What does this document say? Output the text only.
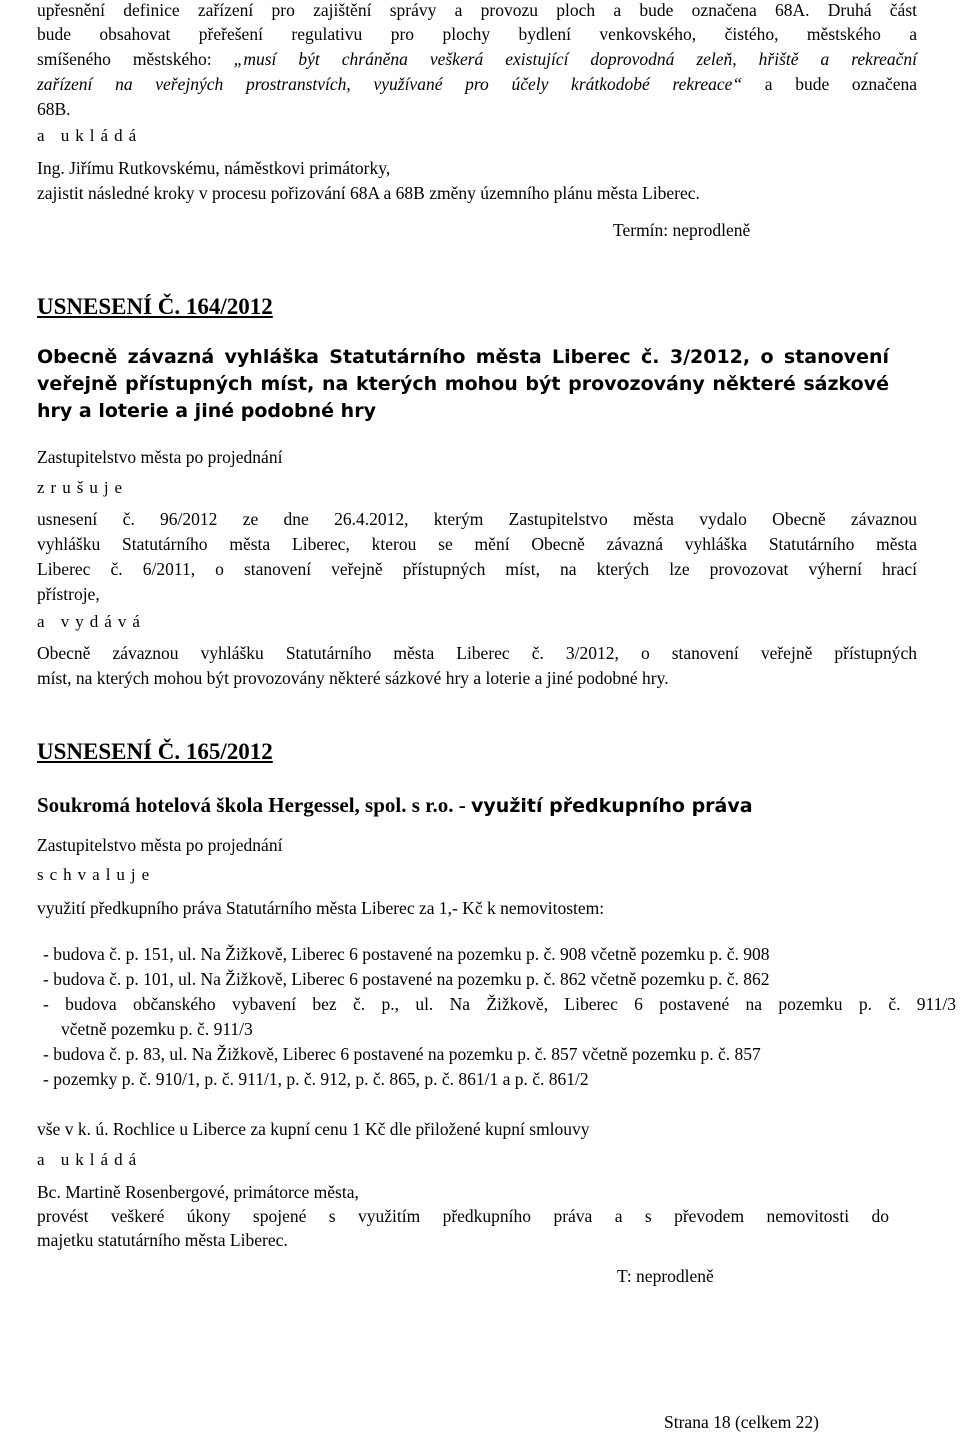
upřesnění definice zařízení pro zajištění správy a provozu ploch a bude označena 68A. Druhá část
bude obsahovat přeřešení regulativu pro plochy bydlení venkovského, čistého, městského a
smíšeného městského: „musí být chráněna veškerá existující doprovodná zeleň, hřiště a rekreační
zařízení na veřejných prostranstvích, využívané pro účely krátkodobé rekreace“ a bude označena
68B.
a ukládá
Ing. Jiřímu Rutkovskému, náměstkovi primátorky,
zajistit následné kroky v procesu pořizování 68A a 68B změny územního plánu města Liberec.
Termín: neprodleně
USNESENÍ Č. 164/2012
Obecně závazná vyhláška Statutárního města Liberec č. 3/2012, o stanovení
veřejně přístupných míst, na kterých mohou být provozovány některé sázkové
hry a loterie a jiné podobné hry
Zastupitelstvo města po projednání
zrušuje
usnesení č. 96/2012 ze dne 26.4.2012, kterým Zastupitelstvo města vydalo Obecně závaznou
vyhlášku Statutárního města Liberec, kterou se mění Obecně závazná vyhláška Statutárního města
Liberec č. 6/2011, o stanovení veřejně přístupných míst, na kterých lze provozovat výherní hrací
přístroje,
a vydává
Obecně závaznou vyhlášku Statutárního města Liberec č. 3/2012, o stanovení veřejně přístupných
míst, na kterých mohou být provozovány některé sázkové hry a loterie a jiné podobné hry.
USNESENÍ Č. 165/2012
Soukromá hotelová škola Hergessel, spol. s r.o. - využití předkupního práva
Zastupitelstvo města po projednání
schvaluje
využití předkupního práva Statutárního města Liberec za 1,- Kč k nemovitostem:
- budova č. p. 151, ul. Na Žižkově, Liberec 6 postavené na pozemku p. č. 908 včetně pozemku p. č. 908
- budova č. p. 101, ul. Na Žižkově, Liberec 6 postavené na pozemku p. č. 862 včetně pozemku p. č. 862
- budova občanského vybavení bez č. p., ul. Na Žižkově, Liberec 6 postavené na pozemku p. č. 911/3
včetně pozemku p. č. 911/3
- budova č. p. 83, ul. Na Žižkově, Liberec 6 postavené na pozemku p. č. 857 včetně pozemku p. č. 857
- pozemky p. č. 910/1, p. č. 911/1, p. č. 912, p. č. 865, p. č. 861/1 a p. č. 861/2
vše v k. ú. Rochlice u Liberce za kupní cenu 1 Kč dle přiložené kupní smlouvy
a ukládá
Bc. Martině Rosenbergové, primátorce města,
provést veškeré úkony spojené s využitím předkupního práva a s převodem nemovitosti do
majetku statutárního města Liberec.
T: neprodleně
Strana 18 (celkem 22)
